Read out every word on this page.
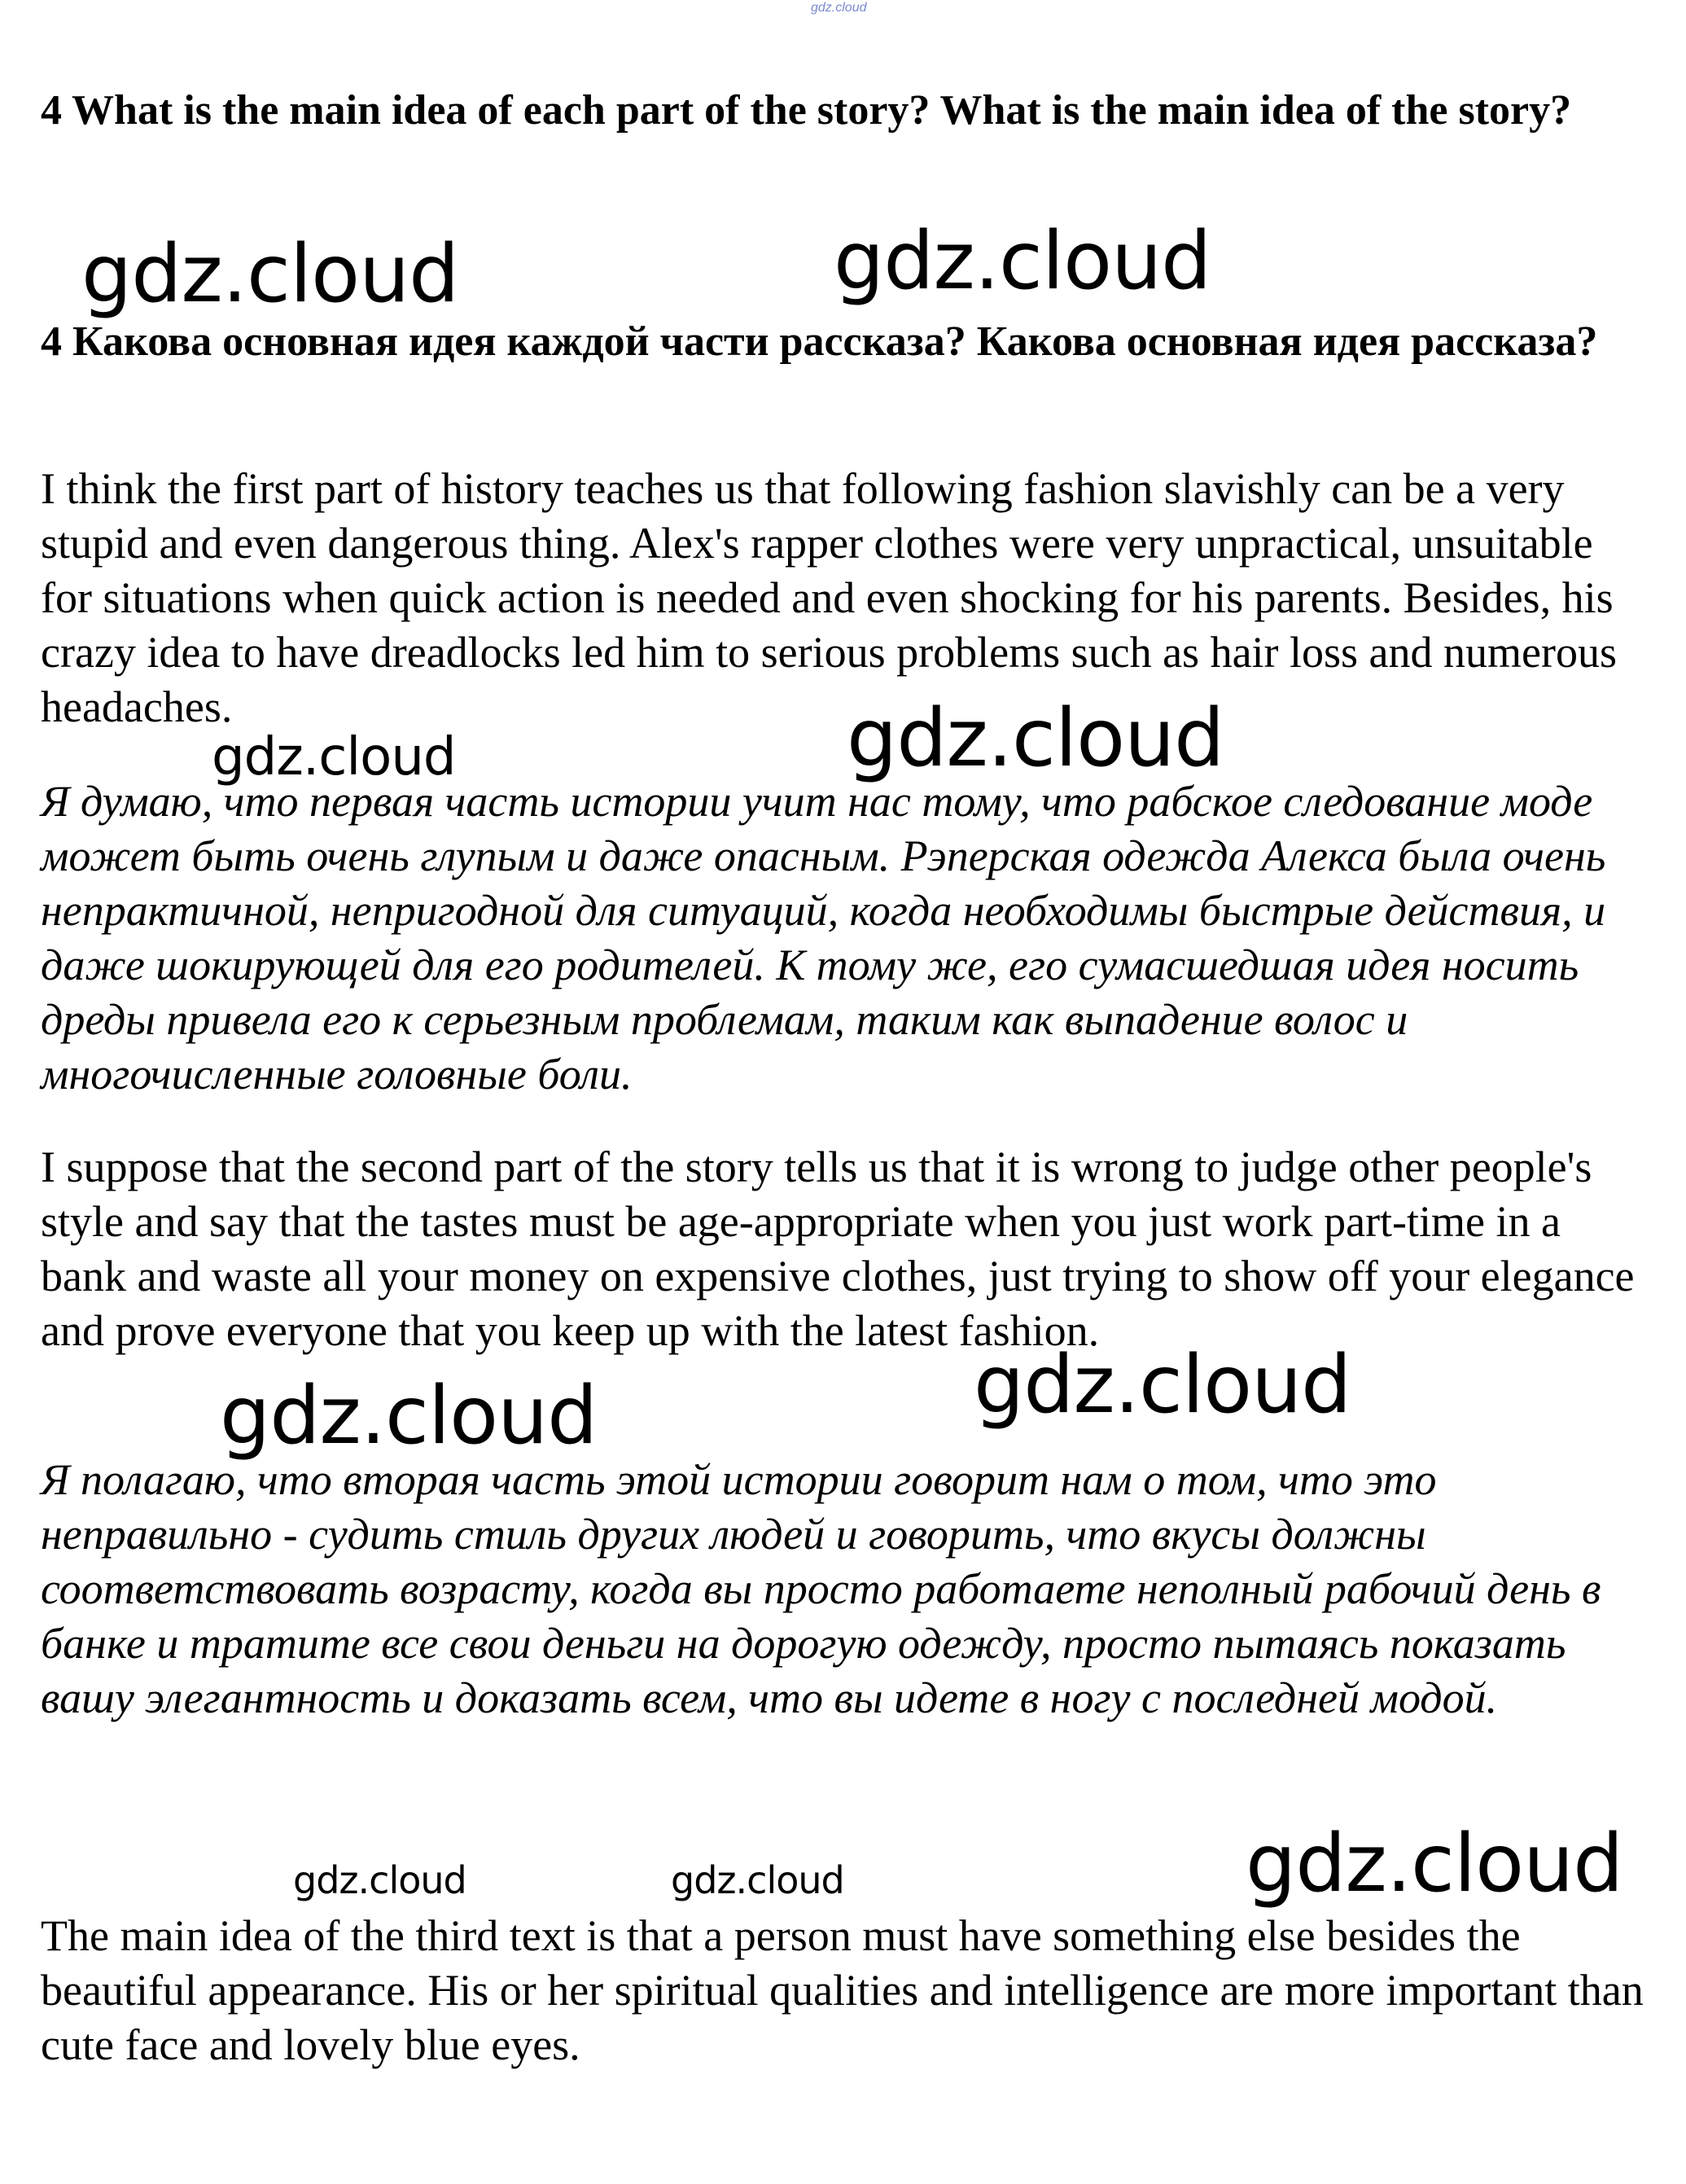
gdz.cloud

4 What is the main idea of each part of the story? What is the main idea of the story?

4 Какова основная идея каждой части рассказа? Какова основная идея рассказа?

I think the first part of history teaches us that following fashion slavishly can be a very stupid and even dangerous thing. Alex's rapper clothes were very unpractical, unsuitable for situations when quick action is needed and even shocking for his parents. Besides, his crazy idea to have dreadlocks led him to serious problems such as hair loss and numerous headaches.

Я думаю, что первая часть истории учит нас тому, что рабское следование моде может быть очень глупым и даже опасным. Рэперская одежда Алекса была очень непрактичной, непригодной для ситуаций, когда необходимы быстрые действия, и даже шокирующей для его родителей. К тому же, его сумасшедшая идея носить дреды привела его к серьезным проблемам, таким как выпадение волос и многочисленные головные боли.

I suppose that the second part of the story tells us that it is wrong to judge other people's style and say that the tastes must be age-appropriate when you just work part-time in a bank and waste all your money on expensive clothes, just trying to show off your elegance and prove everyone that you keep up with the latest fashion.

Я полагаю, что вторая часть этой истории говорит нам о том, что это неправильно - судить стиль других людей и говорить, что вкусы должны соответствовать возрасту, когда вы просто работаете неполный рабочий день в банке и тратите все свои деньги на дорогую одежду, просто пытаясь показать вашу элегантность и доказать всем, что вы идете в ногу с последней модой.

The main idea of the third text is that a person must have something else besides the beautiful appearance. His or her spiritual qualities and intelligence are more important than cute face and lovely blue eyes.

gdz.cloud	gdz.cloud
gdz.cloud	gdz.cloud
gdz.cloud	gdz.cloud
gdz.cloud	gdz.cloud	gdz.cloud
